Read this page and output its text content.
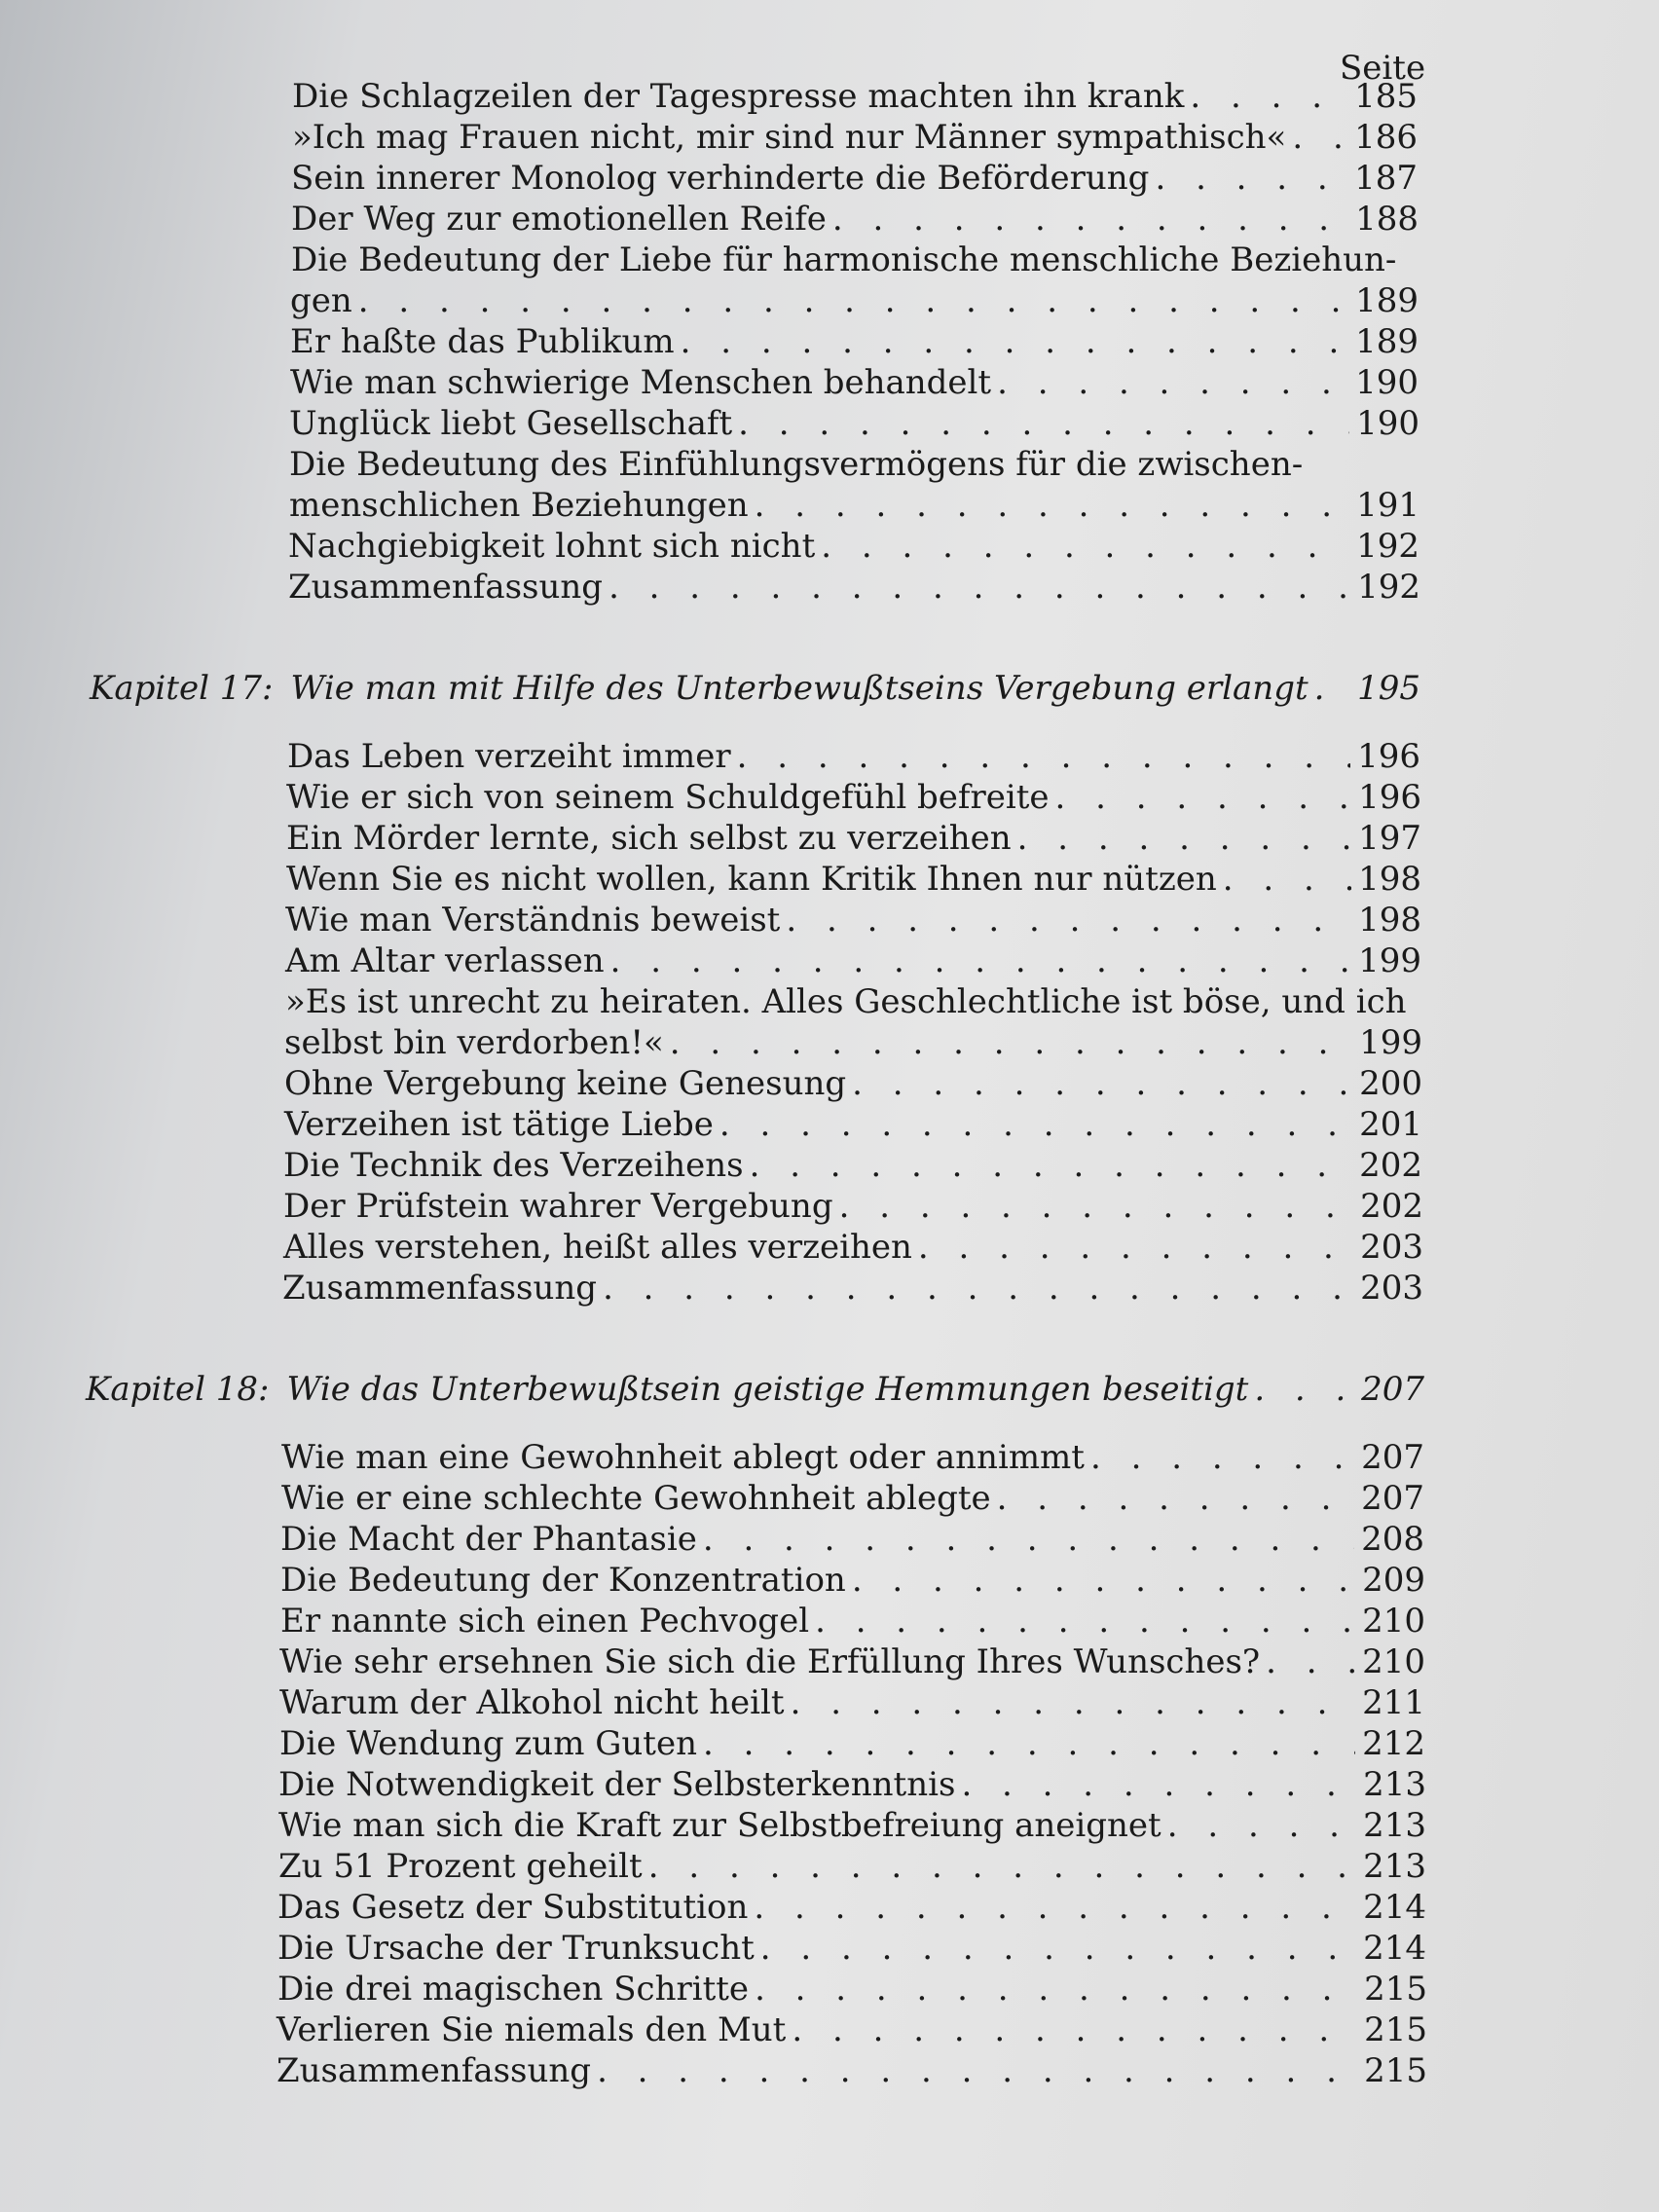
Seite
Die Schlagzeilen der Tagespresse machten ihn krank . . .	185
»Ich mag Frauen nicht, mir sind nur Männer sympathisch« . . . 186
Sein innerer Monolog verhinderte die Beförderung . . .	187
Der Weg zur emotionellen Reife . . .	188
Die Bedeutung der Liebe für harmonische menschliche Beziehun-
gen . . .	189
Er haßte das Publikum . . .	189
Wie man schwierige Menschen behandelt . . .	190
Unglück liebt Gesellschaft . . .	190
Die Bedeutung des Einfühlungsvermögens für die zwischen-
menschlichen Beziehungen . . .	191
Nachgiebigkeit lohnt sich nicht . . .	192
Zusammenfassung . . .	192
Kapitel 17: Wie man mit Hilfe des Unterbewußtseins Vergebung erlangt . . . 195
Das Leben verzeiht immer . . .	196
Wie er sich von seinem Schuldgefühl befreite . . .	196
Ein Mörder lernte, sich selbst zu verzeihen . . .	197
Wenn Sie es nicht wollen, kann Kritik Ihnen nur nützen . . .	198
Wie man Verständnis beweist . . .	198
Am Altar verlassen . . .	199
»Es ist unrecht zu heiraten. Alles Geschlechtliche ist böse, und ich
selbst bin verdorben!« . . .	199
Ohne Vergebung keine Genesung . . .	200
Verzeihen ist tätige Liebe . . .	201
Die Technik des Verzeihens . . .	202
Der Prüfstein wahrer Vergebung . . .	202
Alles verstehen, heißt alles verzeihen . . .	203
Zusammenfassung . . .	203
Kapitel 18: Wie das Unterbewußtsein geistige Hemmungen beseitigt . . .	207
Wie man eine Gewohnheit ablegt oder annimmt . . .	207
Wie er eine schlechte Gewohnheit ablegte . . .	207
Die Macht der Phantasie . . .	208
Die Bedeutung der Konzentration . . .	209
Er nannte sich einen Pechvogel . . .	210
Wie sehr ersehnen Sie sich die Erfüllung Ihres Wunsches? . . .	210
Warum der Alkohol nicht heilt . . .	211
Die Wendung zum Guten . . .	212
Die Notwendigkeit der Selbsterkenntnis . . .	213
Wie man sich die Kraft zur Selbstbefreiung aneignet . . .	213
Zu 51 Prozent geheilt . . .	213
Das Gesetz der Substitution . . .	214
Die Ursache der Trunksucht . . .	214
Die drei magischen Schritte . . .	215
Verlieren Sie niemals den Mut . . .	215
Zusammenfassung . . .	215
